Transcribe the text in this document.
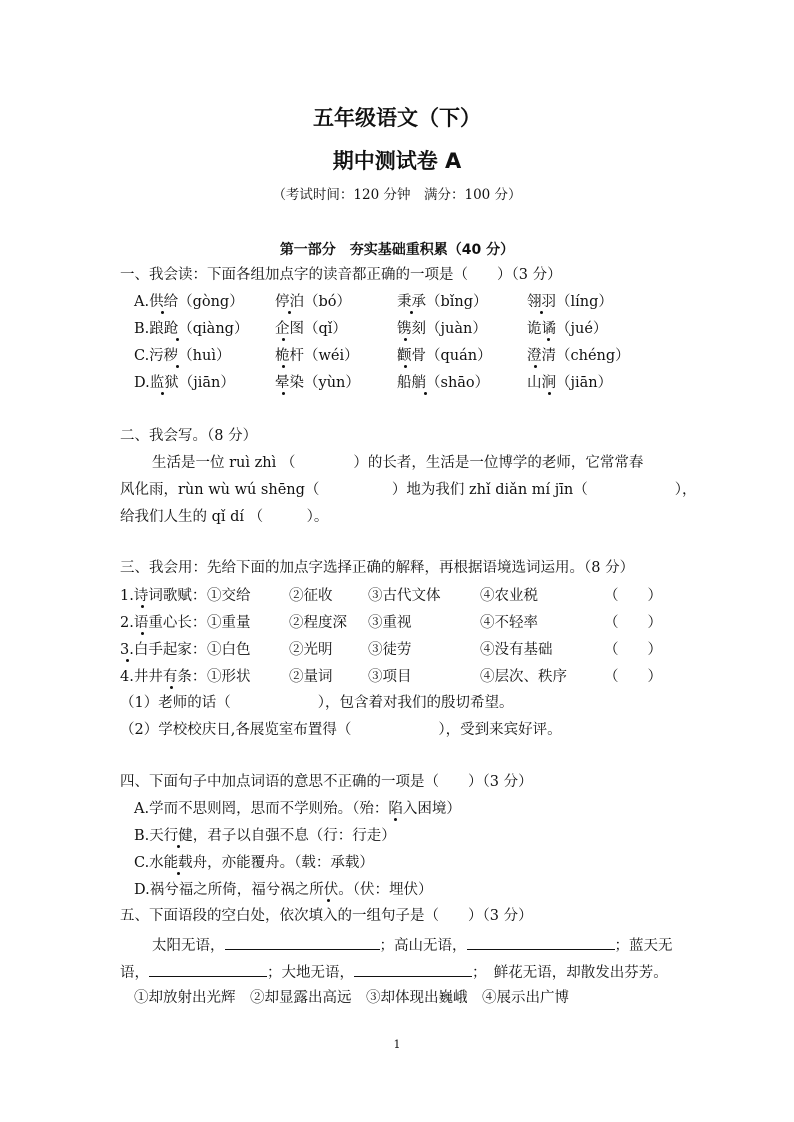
五年级语文（下）
期中测试卷 A
（考试时间：120 分钟　满分：100 分）
第一部分　夯实基础重积累（40 分）
一、我会读：下面各组加点字的读音都正确的一项是（　　）（3 分）
A.供给（gòng） 停泊（bó）	秉承（bǐng）	翎羽（líng）
B.踉跄（qiàng） 企图（qǐ）	镌刻（juàn）	诡谲（jué）
C.污秽（huì）	桅杆（wéi）	颧骨（quán） 澄清（chéng）
D.监狱（jiān）	晕染（yùn）	船艄（shāo）	山涧（jiān）
二、我会写。（8 分）
生活是一位 ruì zhì （　　　　）的长者，生活是一位博学的老师，它常常春
风化雨，rùn wù wú shēng（　　　　　）地为我们 zhǐ diǎn mí jīn（　　　　　　），
给我们人生的 qǐ dí （　　　）。
三、我会用：先给下面的加点字选择正确的解释，再根据语境选词运用。（8 分）
1.诗词歌赋： ①交给	②征收 ③古代文体	④农业税	（　　）
2.语重心长： ①重量	②程度深 ③重视	④不轻率	（　　）
3.白手起家： ①白色	②光明 ③徒劳	④没有基础	（　　）
4.井井有条： ①形状	②量词 ③项目	④层次、秩序	（　　）
（1）老师的话（　　　　　　），包含着对我们的殷切希望。
（2）学校校庆日,各展览室布置得（　　　　　　），受到来宾好评。
四、下面句子中加点词语的意思不正确的一项是（　　）（3 分）
A.学而不思则罔，思而不学则殆。（殆：陷入困境）
B.天行健，君子以自强不息（行：行走）
C.水能载舟，亦能覆舟。（载：承载）
D.祸兮福之所倚，福兮祸之所伏。（伏：埋伏）
五、下面语段的空白处，依次填入的一组句子是（　　）（3 分）
太阳无语，	；高山无语，	；蓝天无
语，	；大地无语，	；　鲜花无语，却散发出芬芳。
①却放射出光辉　②却显露出高远　③却体现出巍峨　④展示出广博
1
